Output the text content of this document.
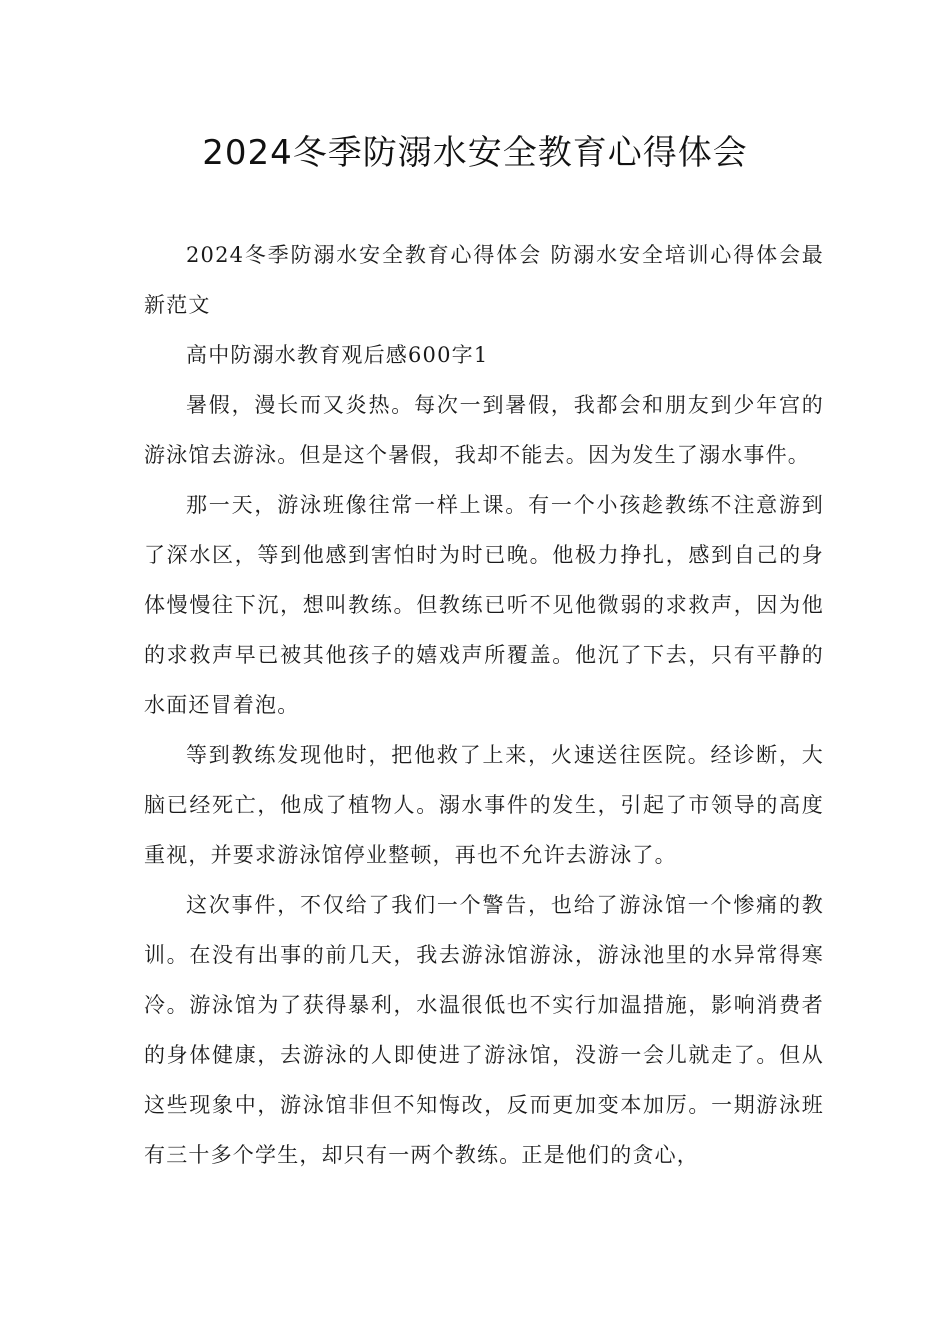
2024冬季防溺水安全教育心得体会

2024冬季防溺水安全教育心得体会 防溺水安全培训心得体会最新范文

高中防溺水教育观后感600字1

暑假，漫长而又炎热。每次一到暑假，我都会和朋友到少年宫的游泳馆去游泳。但是这个暑假，我却不能去。因为发生了溺水事件。

那一天，游泳班像往常一样上课。有一个小孩趁教练不注意游到了深水区，等到他感到害怕时为时已晚。他极力挣扎，感到自己的身体慢慢往下沉，想叫教练。但教练已听不见他微弱的求救声，因为他的求救声早已被其他孩子的嬉戏声所覆盖。他沉了下去，只有平静的水面还冒着泡。

等到教练发现他时，把他救了上来，火速送往医院。经诊断，大脑已经死亡，他成了植物人。溺水事件的发生，引起了市领导的高度重视，并要求游泳馆停业整顿，再也不允许去游泳了。

这次事件，不仅给了我们一个警告，也给了游泳馆一个惨痛的教训。在没有出事的前几天，我去游泳馆游泳，游泳池里的水异常得寒冷。游泳馆为了获得暴利，水温很低也不实行加温措施，影响消费者的身体健康，去游泳的人即使进了游泳馆，没游一会儿就走了。但从这些现象中，游泳馆非但不知悔改，反而更加变本加厉。一期游泳班有三十多个学生，却只有一两个教练。正是他们的贪心，
